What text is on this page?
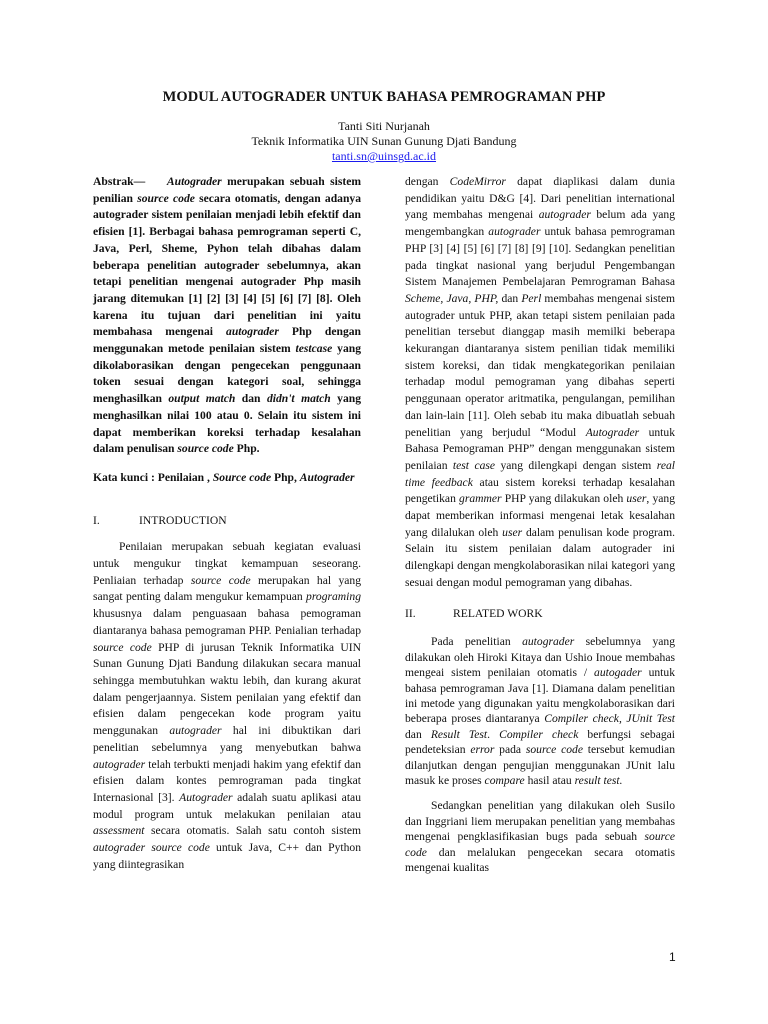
MODUL AUTOGRADER UNTUK BAHASA PEMROGRAMAN PHP
Tanti Siti Nurjanah
Teknik Informatika UIN Sunan Gunung Djati Bandung
tanti.sn@uinsgd.ac.id

Abstrak— Autograder merupakan sebuah sistem penilian source code secara otomatis, dengan adanya autograder sistem penilaian menjadi lebih efektif dan efisien [1]. Berbagai bahasa pemrograman seperti C, Java, Perl, Sheme, Pyhon telah dibahas dalam beberapa penelitian autograder sebelumnya, akan tetapi penelitian mengenai autograder Php masih jarang ditemukan [1] [2] [3] [4] [5] [6] [7] [8]. Oleh karena itu tujuan dari penelitian ini yaitu membahasa mengenai autograder Php dengan menggunakan metode penilaian sistem testcase yang dikolaborasikan dengan pengecekan penggunaan token sesuai dengan kategori soal, sehingga menghasilkan output match dan didn't match yang menghasilkan nilai 100 atau 0. Selain itu sistem ini dapat memberikan koreksi terhadap kesalahan dalam penulisan source code Php.

Kata kunci : Penilaian , Source code Php, Autograder

I.	INTRODUCTION

Penilaian merupakan sebuah kegiatan evaluasi untuk mengukur tingkat kemampuan seseorang. Penliaian terhadap source code merupakan hal yang sangat penting dalam mengukur kemampuan programing khususnya dalam penguasaan bahasa pemograman diantaranya bahasa pemograman PHP. Penialian terhadap source code PHP di jurusan Teknik Informatika UIN Sunan Gunung Djati Bandung dilakukan secara manual sehingga membutuhkan waktu lebih, dan kurang akurat dalam pengerjaannya. Sistem penilaian yang efektif dan efisien dalam pengecekan kode program yaitu menggunakan autograder hal ini dibuktikan dari penelitian sebelumnya yang menyebutkan bahwa autograder telah terbukti menjadi hakim yang efektif dan efisien dalam kontes pemrograman pada tingkat Internasional [3]. Autograder adalah suatu aplikasi atau modul program untuk melakukan penilaian atau assessment secara otomatis. Salah satu contoh sistem autograder source code untuk Java, C++ dan Python yang diintegrasikan

dengan CodeMirror dapat diaplikasi dalam dunia pendidikan yaitu D&G [4]. Dari penelitian international yang membahas mengenai autograder belum ada yang mengembangkan autograder untuk bahasa pemrograman PHP [3] [4] [5] [6] [7] [8] [9] [10]. Sedangkan penelitian pada tingkat nasional yang berjudul Pengembangan Sistem Manajemen Pembelajaran Pemrograman Bahasa Scheme, Java, PHP, dan Perl membahas mengenai sistem autograder untuk PHP, akan tetapi sistem penilaian pada penelitian tersebut dianggap masih memilki beberapa kekurangan diantaranya sistem penilian tidak memiliki sistem koreksi, dan tidak mengkategorikan penilaian terhadap modul pemograman yang dibahas seperti penggunaan operator aritmatika, pengulangan, pemilihan dan lain-lain [11]. Oleh sebab itu maka dibuatlah sebuah penelitian yang berjudul “Modul Autograder untuk Bahasa Pemograman PHP” dengan menggunakan sistem penilaian test case yang dilengkapi dengan sistem real time feedback atau sistem koreksi terhadap kesalahan pengetikan grammer PHP yang dilakukan oleh user, yang dapat memberikan informasi mengenai letak kesalahan yang dilalukan oleh user dalam penulisan kode program. Selain itu sistem penilaian dalam autograder ini dilengkapi dengan mengkolaborasikan nilai kategori yang sesuai dengan modul pemograman yang dibahas.

II.	RELATED WORK

Pada penelitian autograder sebelumnya yang dilakukan oleh Hiroki Kitaya dan Ushio Inoue membahas mengeai sistem penilaian otomatis / autogader untuk bahasa pemrograman Java [1]. Diamana dalam penelitian ini metode yang digunakan yaitu mengkolaborasikan dari beberapa proses diantaranya Compiler check, JUnit Test dan Result Test. Compiler check berfungsi sebagai pendeteksian error pada source code tersebut kemudian dilanjutkan dengan pengujian menggunakan JUnit lalu masuk ke proses compare hasil atau result test.

Sedangkan penelitian yang dilakukan oleh Susilo dan Inggriani liem merupakan penelitian yang membahas mengenai pengklasifikasian bugs pada sebuah source code dan melalukan pengecekan secara otomatis mengenai kualitas

1
